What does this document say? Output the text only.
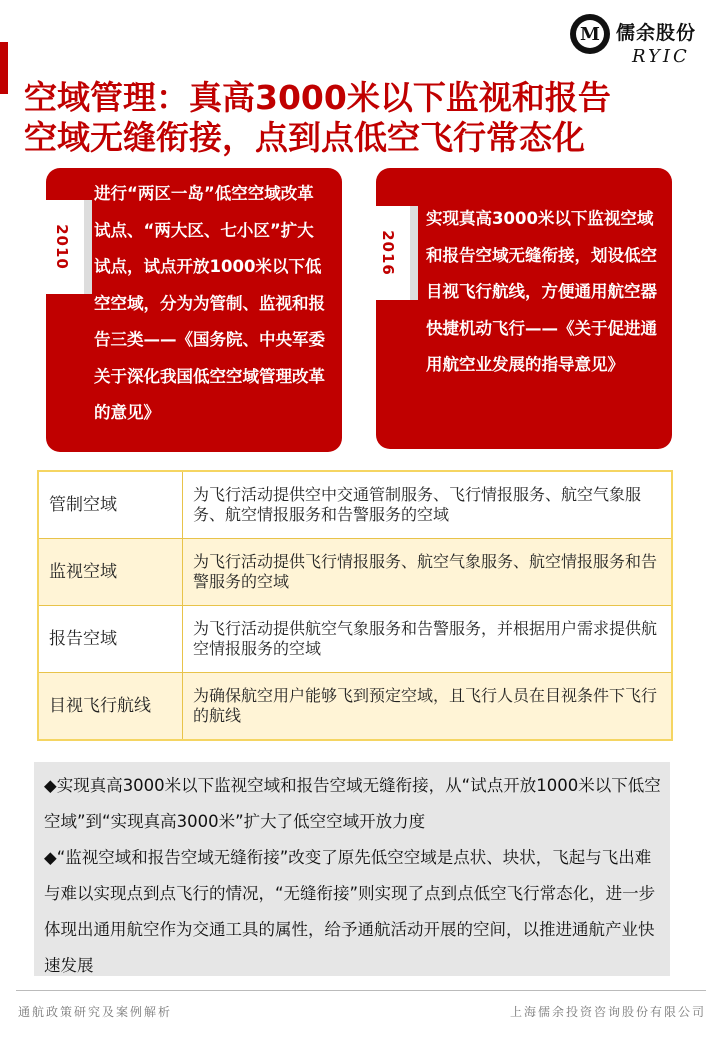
M 儒余股份
RYIC
空域管理：真高3000米以下监视和报告
空域无缝衔接，点到点低空飞行常态化
进行“两区一岛”低空空域改革试点、“两大区、七小区”扩大试点，试点开放1000米以下低空空域，分为为管制、监视和报告三类——《国务院、中央军委关于深化我国低空空域管理改革的意见》
2010
实现真高3000米以下监视空域和报告空域无缝衔接，划设低空目视飞行航线，方便通用航空器快捷机动飞行——《关于促进通用航空业发展的指导意见》
2016
管制空域	为飞行活动提供空中交通管制服务、飞行情报服务、航空气象服务、航空情报服务和告警服务的空域
监视空域	为飞行活动提供飞行情报服务、航空气象服务、航空情报服务和告警服务的空域
报告空域	为飞行活动提供航空气象服务和告警服务，并根据用户需求提供航空情报服务的空域
目视飞行航线	为确保航空用户能够飞到预定空域，且飞行人员在目视条件下飞行的航线

◆实现真高3000米以下监视空域和报告空域无缝衔接，从“试点开放1000米以下低空空域”到“实现真高3000米”扩大了低空空域开放力度

◆“监视空域和报告空域无缝衔接”改变了原先低空空域是点状、块状，飞起与飞出难与难以实现点到点飞行的情况，“无缝衔接”则实现了点到点低空飞行常态化，进一步体现出通用航空作为交通工具的属性，给予通航活动开展的空间，以推进通航产业快速发展

通航政策研究及案例解析	上海儒余投资咨询股份有限公司
